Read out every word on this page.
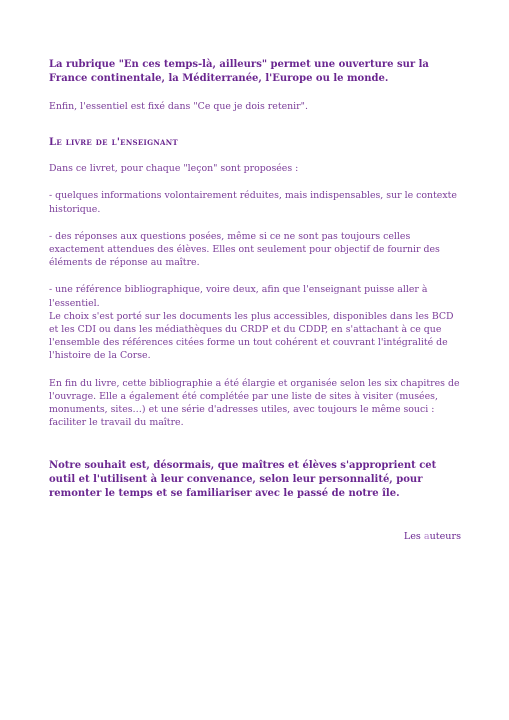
La rubrique "En ces temps-là, ailleurs" permet une ouverture sur la France continentale, la Méditerranée, l'Europe ou le monde.

Enfin, l'essentiel est fixé dans "Ce que je dois retenir".

Le livre de l'enseignant

Dans ce livret, pour chaque "leçon" sont proposées :

- quelques informations volontairement réduites, mais indispensables, sur le contexte historique.

- des réponses aux questions posées, même si ce ne sont pas toujours celles exactement attendues des élèves. Elles ont seulement pour objectif de fournir des éléments de réponse au maître.

- une référence bibliographique, voire deux, afin que l'enseignant puisse aller à l'essentiel.

Le choix s'est porté sur les documents les plus accessibles, disponibles dans les BCD et les CDI ou dans les médiathèques du CRDP et du CDDP, en s'attachant à ce que l'ensemble des références citées forme un tout cohérent et couvrant l'intégralité de l'histoire de la Corse.

En fin du livre, cette bibliographie a été élargie et organisée selon les six chapitres de l'ouvrage. Elle a également été complétée par une liste de sites à visiter (musées, monuments, sites…) et une série d'adresses utiles, avec toujours le même souci : faciliter le travail du maître.

Notre souhait est, désormais, que maîtres et élèves s'approprient cet outil et l'utilisent à leur convenance, selon leur personnalité, pour remonter le temps et se familiariser avec le passé de notre île.

Les auteurs
